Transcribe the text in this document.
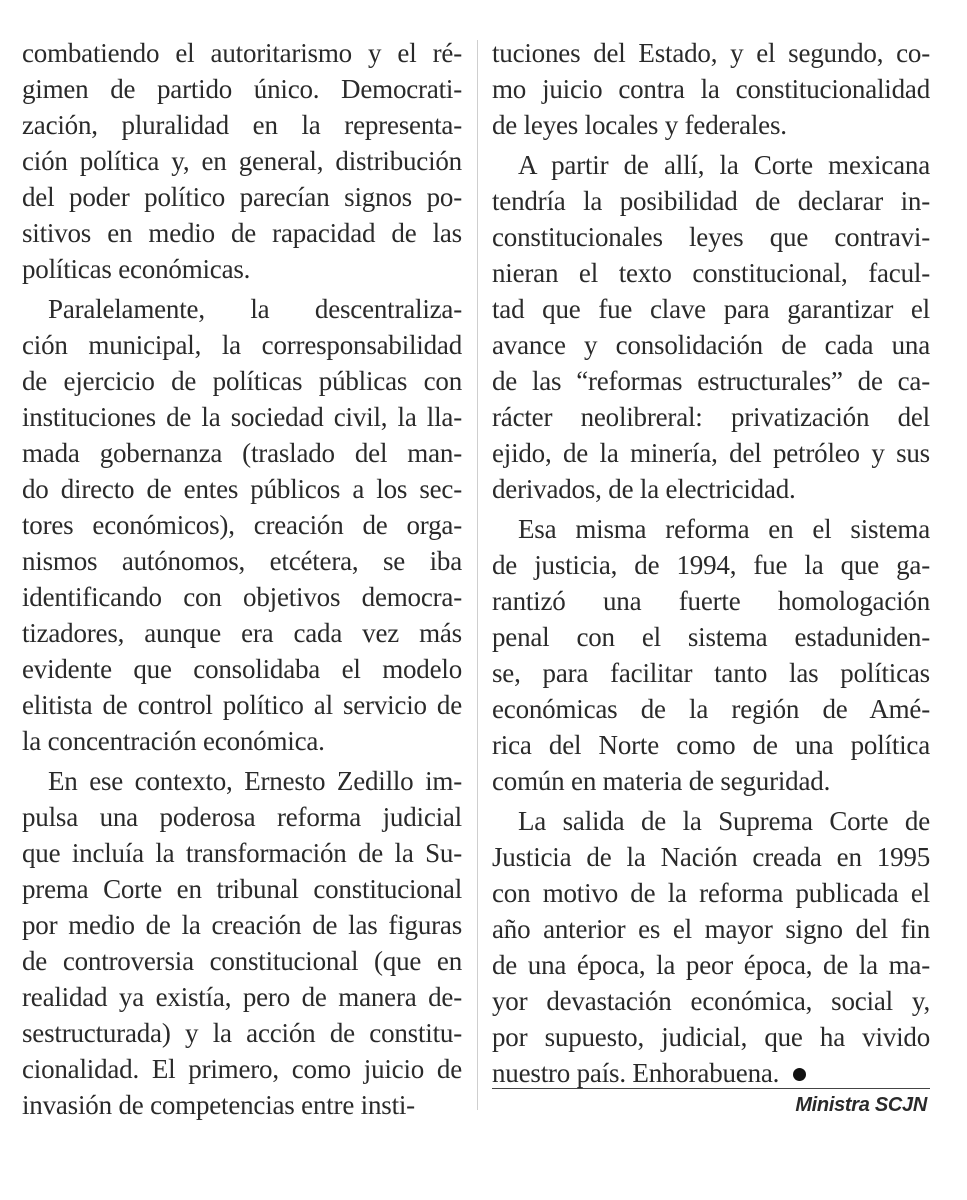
combatiendo el autoritarismo y el ré-
gimen de partido único. Democrati-
zación, pluralidad en la representa-
ción política y, en general, distribución
del poder político parecían signos po-
sitivos en medio de rapacidad de las
políticas económicas.
Paralelamente, la descentraliza-
ción municipal, la corresponsabilidad
de ejercicio de políticas públicas con
instituciones de la sociedad civil, la lla-
mada gobernanza (traslado del man-
do directo de entes públicos a los sec-
tores económicos), creación de orga-
nismos autónomos, etcétera, se iba
identificando con objetivos democra-
tizadores, aunque era cada vez más
evidente que consolidaba el modelo
elitista de control político al servicio de
la concentración económica.
En ese contexto, Ernesto Zedillo im-
pulsa una poderosa reforma judicial
que incluía la transformación de la Su-
prema Corte en tribunal constitucional
por medio de la creación de las figuras
de controversia constitucional (que en
realidad ya existía, pero de manera de-
sestructurada) y la acción de constitu-
cionalidad. El primero, como juicio de
invasión de competencias entre insti-
tuciones del Estado, y el segundo, co-
mo juicio contra la constitucionalidad
de leyes locales y federales.
A partir de allí, la Corte mexicana
tendría la posibilidad de declarar in-
constitucionales leyes que contravi-
nieran el texto constitucional, facul-
tad que fue clave para garantizar el
avance y consolidación de cada una
de las “reformas estructurales” de ca-
rácter neolibreral: privatización del
ejido, de la minería, del petróleo y sus
derivados, de la electricidad.
Esa misma reforma en el sistema
de justicia, de 1994, fue la que ga-
rantizó una fuerte homologación
penal con el sistema estaduniden-
se, para facilitar tanto las políticas
económicas de la región de Amé-
rica del Norte como de una política
común en materia de seguridad.
La salida de la Suprema Corte de
Justicia de la Nación creada en 1995
con motivo de la reforma publicada el
año anterior es el mayor signo del fin
de una época, la peor época, de la ma-
yor devastación económica, social y,
por supuesto, judicial, que ha vivido
nuestro país. Enhorabuena.
Ministra SCJN
